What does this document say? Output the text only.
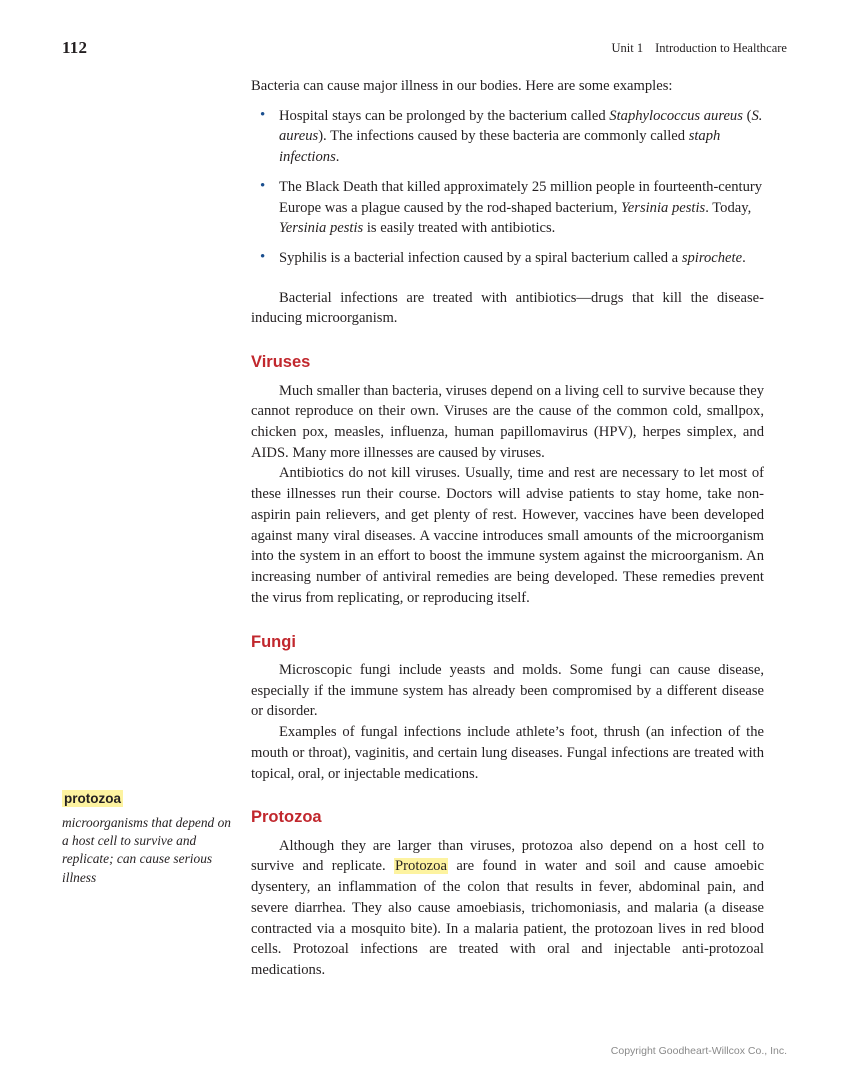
112	Unit 1 Introduction to Healthcare

Bacteria can cause major illness in our bodies. Here are some examples:

• Hospital stays can be prolonged by the bacterium called Staphylococcus aureus (S. aureus). The infections caused by these bacteria are commonly called staph infections.
• The Black Death that killed approximately 25 million people in fourteenth-century Europe was a plague caused by the rod-shaped bacterium, Yersinia pestis. Today, Yersinia pestis is easily treated with antibiotics.
• Syphilis is a bacterial infection caused by a spiral bacterium called a spirochete.

Bacterial infections are treated with antibiotics—drugs that kill the disease-inducing microorganism.

Viruses

Much smaller than bacteria, viruses depend on a living cell to survive because they cannot reproduce on their own. Viruses are the cause of the common cold, smallpox, chicken pox, measles, influenza, human papillomavirus (HPV), herpes simplex, and AIDS. Many more illnesses are caused by viruses.

Antibiotics do not kill viruses. Usually, time and rest are necessary to let most of these illnesses run their course. Doctors will advise patients to stay home, take non-aspirin pain relievers, and get plenty of rest. However, vaccines have been developed against many viral diseases. A vaccine introduces small amounts of the microorganism into the system in an effort to boost the immune system against the microorganism. An increasing number of antiviral remedies are being developed. These remedies prevent the virus from replicating, or reproducing itself.

Fungi

Microscopic fungi include yeasts and molds. Some fungi can cause disease, especially if the immune system has already been compromised by a different disease or disorder.

Examples of fungal infections include athlete’s foot, thrush (an infection of the mouth or throat), vaginitis, and certain lung diseases. Fungal infections are treated with topical, oral, or injectable medications.

Protozoa

Although they are larger than viruses, protozoa also depend on a host cell to survive and replicate. Protozoa are found in water and soil and cause amoebic dysentery, an inflammation of the colon that results in fever, abdominal pain, and severe diarrhea. They also cause amoebiasis, trichomoniasis, and malaria (a disease contracted via a mosquito bite). In a malaria patient, the protozoan lives in red blood cells. Protozoal infections are treated with oral and injectable anti-protozoal medications.

protozoa
microorganisms that depend on a host cell to survive and replicate; can cause serious illness
Copyright Goodheart-Willcox Co., Inc.
